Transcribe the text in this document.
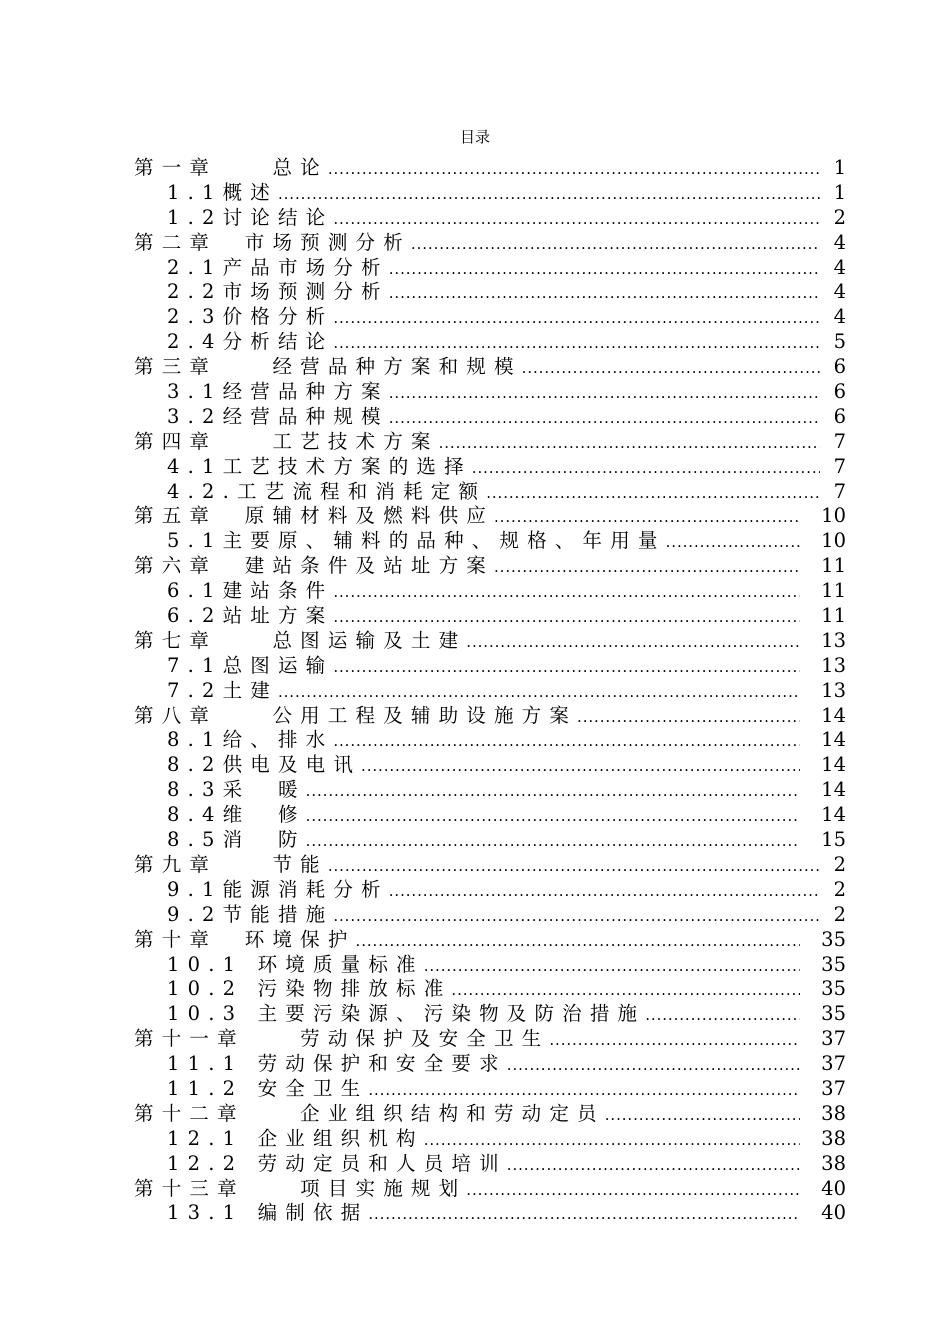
目录
第一章　　总论 .....	1
1.1概述 .....	1
1.2讨论结论 .....	2
第二章　市场预测分析 .....	4
2.1产品市场分析 .....	4
2.2市场预测分析 .....	4
2.3价格分析 .....	4
2.4分析结论 .....	5
第三章　　经营品种方案和规模 .....	6
3.1经营品种方案 .....	6
3.2经营品种规模 .....	6
第四章　　工艺技术方案 .....	7
4.1工艺技术方案的选择 .....	7
4.2.工艺流程和消耗定额 .....	7
第五章　原辅材料及燃料供应 .....	10
5.1主要原、辅料的品种、规格、年用量 .....	10
第六章　建站条件及站址方案 .....	11
6.1建站条件 .....	11
6.2站址方案 .....	11
第七章　　总图运输及土建 .....	13
7.1总图运输 .....	13
7.2土建 .....	13
第八章　　公用工程及辅助设施方案 .....	14
8.1给、排水 .....	14
8.2供电及电讯 .....	14
8.3采　暖 .....	14
8.4维　修 .....	14
8.5消　防 .....	15
第九章　　节能 .....	2
9.1能源消耗分析 .....	2
9.2节能措施 .....	2
第十章　环境保护 .....	35
10.1 环境质量标准 .....	35
10.2 污染物排放标准 .....	35
10.3 主要污染源、污染物及防治措施 .....	35
第十一章　　劳动保护及安全卫生 .....	37
11.1 劳动保护和安全要求 .....	37
11.2 安全卫生 .....	37
第十二章　　企业组织结构和劳动定员 .....	38
12.1 企业组织机构 .....	38
12.2 劳动定员和人员培训 .....	38
第十三章　　项目实施规划 .....	40
13.1 编制依据 .....	40
